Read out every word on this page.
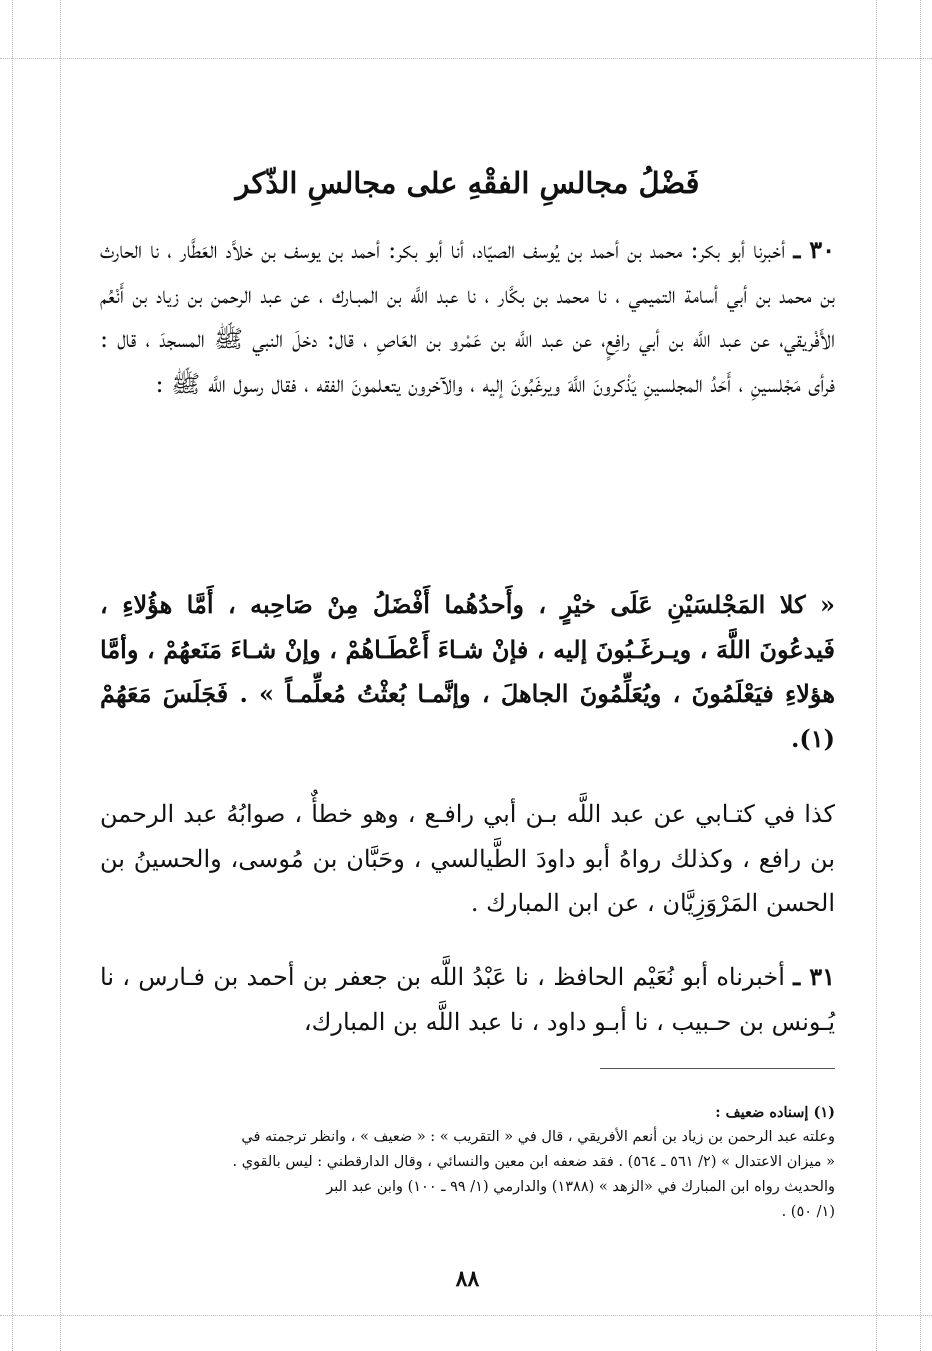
فَضْلُ مجالسِ الفقْهِ على مجالسِ الذّكر
٣٠ ـ أخبرنا أبو بكر: محمد بن أحمد بن يُوسف الصيّاد، أنا أبو بكر: أحمد بن يوسف بن خلاَّد العَطَّار ، نا الحارث بن محمد بن أبي أسامة التميمي ، نا محمد بن بكَّار ، نا عبد اللَّه بن المبـارك ، عن عبد الرحمن بن زياد بن أَنْعُم الأَفْريقي، عن عبد اللَّه بن أبي رافِعٍ، عن عبد اللَّه بن عَمْرو بن العَاصِ ، قال: دخلَ النبي ﷺ المسجدَ ، قال : فرأى مَجْلسينِ ، أَحَدُ المجلسينِ يَذْكرونَ اللَّهَ ويرغَبُونَ إليه ، والآخرون يتعلمونَ الفقه ، فقال رسول اللَّه ﷺ :
« كلا المَجْلسَيْنِ عَلَى خيْرٍ ، وأَحدُهُما أَفْضَلُ مِنْ صَاحِبه ، أَمَّا هؤُلاءِ ، فَيدعُونَ اللَّهَ ، ويـرغَـبُونَ إليه ، فإنْ شـاءَ أَعْطَـاهُمْ ، وإنْ شـاءَ مَنَعهُمْ ، وأمَّا هؤلاءِ فيَعْلَمُونَ ، ويُعَلِّمُونَ الجاهلَ ، وإنَّمـا بُعثْتُ مُعلِّمـاً » . فَجَلَسَ مَعَهُمْ (١).
كذا في كتـابي عن عبد اللَّه بـن أبي رافـع ، وهو خطأٌ ، صوابُهُ عبد الرحمن بن رافع ، وكذلك رواهُ أبو داودَ الطَّيالسي ، وحَبَّان بن مُوسى، والحسينُ بن الحسن المَرْوَزِيَّان ، عن ابن المبارك .
٣١ ـ أخبرناه أبو نُعَيْم الحافظ ، نا عَبْدُ اللَّه بن جعفر بن أحمد بن فـارس ، نا يُـونس بن حـبيب ، نا أبـو داود ، نا عبد اللَّه بن المبارك،
(١) إسناده ضعيف :
وعلته عبد الرحمن بن زياد بن أنعم الأفريقي ، قال في « التقريب » : « ضعيف » ، وانظر ترجمته في
« ميزان الاعتدال » (٢/ ٥٦١ ـ ٥٦٤) . فقد ضعفه ابن معين والنسائي ، وقال الدارقطني : ليس بالقوي .
والحديث رواه ابن المبارك في «الزهد » (١٣٨٨) والدارمي (١/ ٩٩ ـ ١٠٠) وابن عبد البر
(١/ ٥٠) .
٨٨
